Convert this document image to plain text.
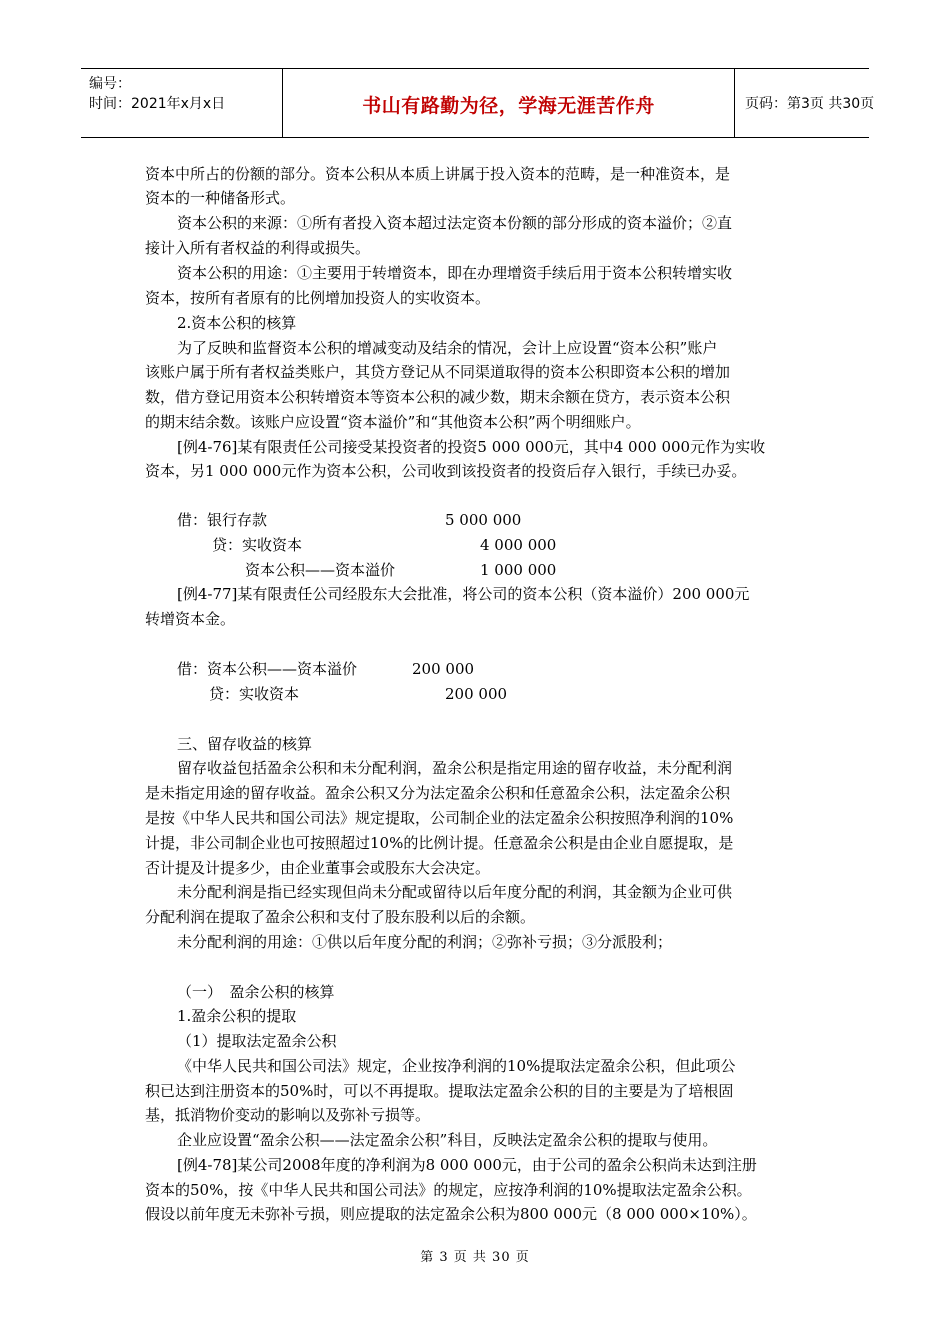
编号：
时间：2021年x月x日	书山有路勤为径，学海无涯苦作舟	页码：第3页 共30页
资本中所占的份额的部分。资本公积从本质上讲属于投入资本的范畴，是一种准资本，是
资本的一种储备形式。
资本公积的来源：①所有者投入资本超过法定资本份额的部分形成的资本溢价；②直
接计入所有者权益的利得或损失。
资本公积的用途：①主要用于转增资本，即在办理增资手续后用于资本公积转增实收
资本，按所有者原有的比例增加投资人的实收资本。
2.资本公积的核算
为了反映和监督资本公积的增减变动及结余的情况，会计上应设置“资本公积”账户
该账户属于所有者权益类账户，其贷方登记从不同渠道取得的资本公积即资本公积的增加
数，借方登记用资本公积转增资本等资本公积的减少数，期末余额在贷方，表示资本公积
的期末结余数。该账户应设置“资本溢价”和“其他资本公积”两个明细账户。
[例4-76]某有限责任公司接受某投资者的投资5 000 000元，其中4 000 000元作为实收
资本，另1 000 000元作为资本公积，公司收到该投资者的投资后存入银行，手续已办妥。
借：银行存款	5 000 000
贷：实收资本	4 000 000
资本公积——资本溢价	1 000 000
[例4-77]某有限责任公司经股东大会批准，将公司的资本公积（资本溢价）200 000元
转增资本金。
借：资本公积——资本溢价	200 000
贷：实收资本	200 000
三、留存收益的核算
留存收益包括盈余公积和未分配利润，盈余公积是指定用途的留存收益，未分配利润
是未指定用途的留存收益。盈余公积又分为法定盈余公积和任意盈余公积，法定盈余公积
是按《中华人民共和国公司法》规定提取，公司制企业的法定盈余公积按照净利润的10%
计提，非公司制企业也可按照超过10%的比例计提。任意盈余公积是由企业自愿提取，是
否计提及计提多少，由企业董事会或股东大会决定。
未分配利润是指已经实现但尚未分配或留待以后年度分配的利润，其金额为企业可供
分配利润在提取了盈余公积和支付了股东股利以后的余额。
未分配利润的用途：①供以后年度分配的利润；②弥补亏损；③分派股利；
（一）　盈余公积的核算
1.盈余公积的提取
（1）提取法定盈余公积
《中华人民共和国公司法》规定，企业按净利润的10%提取法定盈余公积，但此项公
积已达到注册资本的50%时，可以不再提取。提取法定盈余公积的目的主要是为了培根固
基，抵消物价变动的影响以及弥补亏损等。
企业应设置“盈余公积——法定盈余公积”科目，反映法定盈余公积的提取与使用。
[例4-78]某公司2008年度的净利润为8 000 000元，由于公司的盈余公积尚未达到注册
资本的50%，按《中华人民共和国公司法》的规定，应按净利润的10%提取法定盈余公积。
假设以前年度无未弥补亏损，则应提取的法定盈余公积为800 000元（8 000 000×10%）。
第 3 页 共 30 页
